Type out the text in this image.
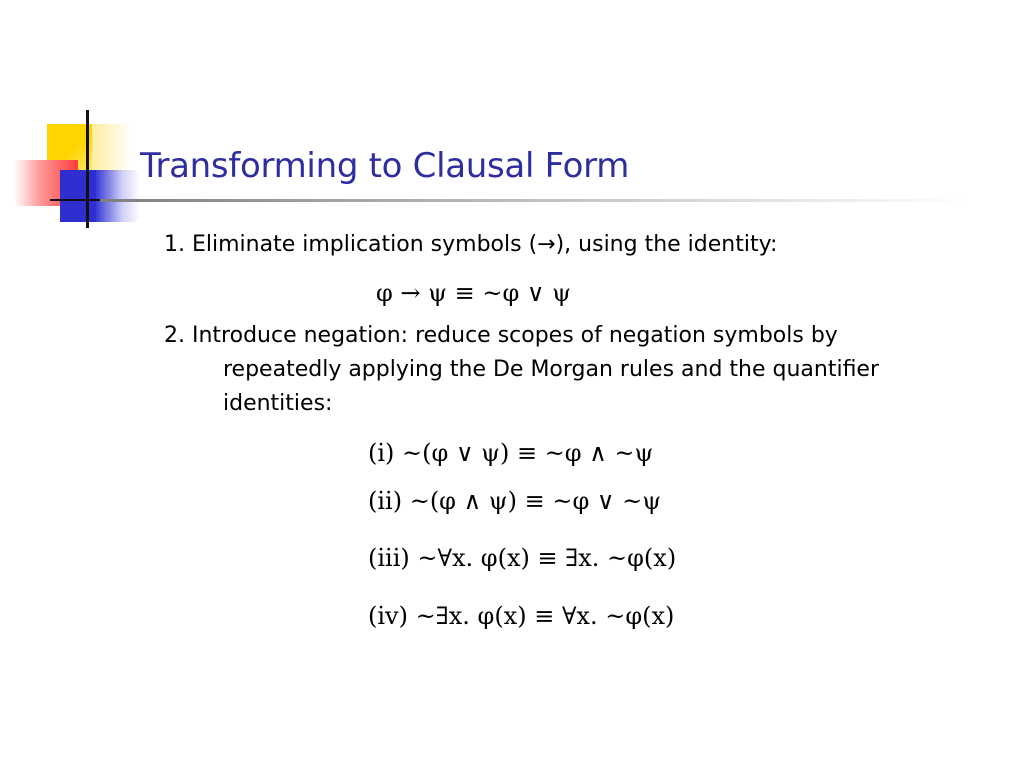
Transforming to Clausal Form
1. Eliminate implication symbols (→), using the identity:
φ → ψ ≡ ~φ ∨ ψ
2. Introduce negation: reduce scopes of negation symbols by
repeatedly applying the De Morgan rules and the quantifier
identities:
(i) ~(φ ∨ ψ) ≡ ~φ ∧ ~ψ
(ii) ~(φ ∧ ψ) ≡ ~φ ∨ ~ψ
(iii) ~∀x. φ(x) ≡ ∃x. ~φ(x)
(iv) ~∃x. φ(x) ≡ ∀x. ~φ(x)
